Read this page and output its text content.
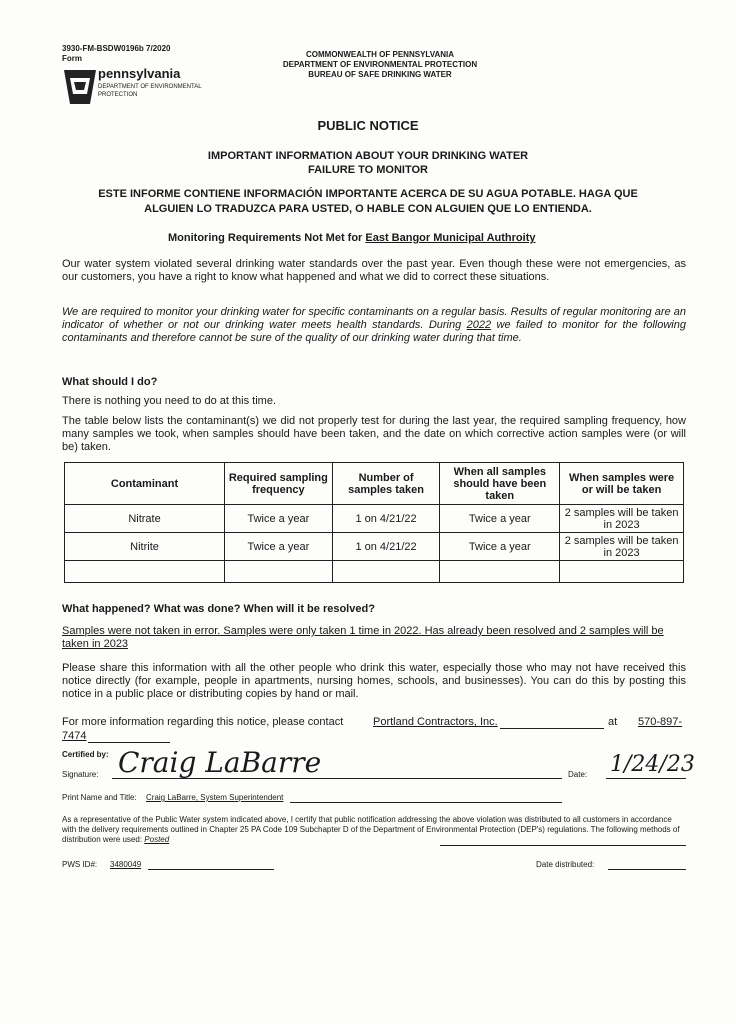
3930-FM-BSDW0196b 7/2020
Form
pennsylvania
DEPARTMENT OF ENVIRONMENTAL
PROTECTION
COMMONWEALTH OF PENNSYLVANIA
DEPARTMENT OF ENVIRONMENTAL PROTECTION
BUREAU OF SAFE DRINKING WATER
PUBLIC NOTICE
IMPORTANT INFORMATION ABOUT YOUR DRINKING WATER
FAILURE TO MONITOR
ESTE INFORME CONTIENE INFORMACIÓN IMPORTANTE ACERCA DE SU AGUA POTABLE. HAGA QUE
ALGUIEN LO TRADUZCA PARA USTED, O HABLE CON ALGUIEN QUE LO ENTIENDA.
Monitoring Requirements Not Met for East Bangor Municipal Authroity

Our water system violated several drinking water standards over the past year. Even though these were not emergencies, as our customers, you have a right to know what happened and what we did to correct these situations.

We are required to monitor your drinking water for specific contaminants on a regular basis. Results of regular monitoring are an indicator of whether or not our drinking water meets health standards. During 2022 we failed to monitor for the following contaminants and therefore cannot be sure of the quality of our drinking water during that time.

What should I do?
There is nothing you need to do at this time.

The table below lists the contaminant(s) we did not properly test for during the last year, the required sampling frequency, how many samples we took, when samples should have been taken, and the date on which corrective action samples were (or will be) taken.

Contaminant	Required sampling frequency	Number of samples taken	When all samples should have been taken	When samples were or will be taken
Nitrate	Twice a year	1 on 4/21/22	Twice a year	2 samples will be taken in 2023
Nitrite	Twice a year	1 on 4/21/22	Twice a year	2 samples will be taken in 2023

What happened? What was done? When will it be resolved?

Samples were not taken in error. Samples were only taken 1 time in 2022. Has already been resolved and 2 samples will be taken in 2023

Please share this information with all the other people who drink this water, especially those who may not have received this notice directly (for example, people in apartments, nursing homes, schools, and businesses). You can do this by posting this notice in a public place or distributing copies by hand or mail.

For more information regarding this notice, please contact	Portland Contractors, Inc.	at 570-897-
7474
Certified by:
Signature: Craig LaBarre	Date: 1/24/23
Print Name and Title: Craig LaBarre, System Superintendent

As a representative of the Public Water system indicated above, I certify that public notification addressing the above violation was distributed to all customers in accordance with the delivery requirements outlined in Chapter 25 PA Code 109 Subchapter D of the Department of Environmental Protection (DEP's) regulations. The following methods of distribution were used: Posted

PWS ID#: 3480049	Date distributed:
